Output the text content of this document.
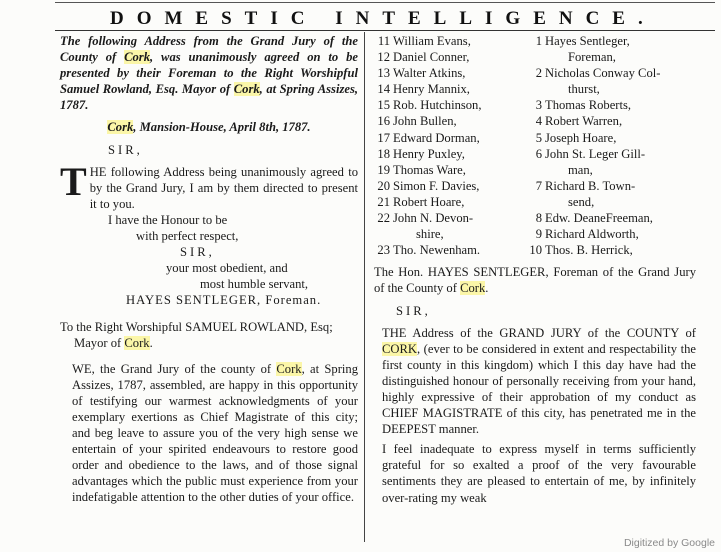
DOMESTIC INTELLIGENCE.

The following Address from the Grand Jury of the County of Cork, was unanimously agreed on to be presented by their Foreman to the Right Worshipful Samuel Rowland, Esq. Mayor of Cork, at Spring Assizes, 1787.

Cork, Mansion-House, April 8th, 1787.

SIR,

THE following Address being unanimously agreed to by the Grand Jury, I am by them directed to present it to you.

I have the Honour to be

with perfect respect,

SIR,

your most obedient, and

most humble servant,

HAYES SENTLEGER, Foreman.

To the Right Worshipful SAMUEL ROWLAND, Esq; Mayor of Cork.

WE, the Grand Jury of the county of Cork, at Spring Assizes, 1787, assembled, are happy in this opportunity of testifying our warmest acknowledgments of your exemplary exertions as Chief Magistrate of this city; and beg leave to assure you of the very high sense we entertain of your spirited endeavours to restore good order and obedience to the laws, and of those signal advantages which the public must experience from your indefatigable attention to the other duties of your office.

11 William Evans,
12 Daniel Conner,
13 Walter Atkins,
14 Henry Mannix,
15 Rob. Hutchinson,
16 John Bullen,
17 Edward Dorman,
18 Henry Puxley,
19 Thomas Ware,
20 Simon F. Davies,
21 Robert Hoare,
22 John N. Devon-
shire,
23 Tho. Newenham.
1 Hayes Sentleger,
Foreman,
2 Nicholas Conway Col-
thurst,
3 Thomas Roberts,
4 Robert Warren,
5 Joseph Hoare,
6 John St. Leger Gill-
man,
7 Richard B. Town-
send,
8 Edw. DeaneFreeman,
9 Richard Aldworth,
10 Thos. B. Herrick,

The Hon. HAYES SENTLEGER, Foreman of the Grand Jury of the County of Cork.

SIR,

THE Address of the GRAND JURY of the COUNTY of CORK, (ever to be considered in extent and respectability the first county in this kingdom) which I this day have had the distinguished honour of personally receiving from your hand, highly expressive of their approbation of my conduct as CHIEF MAGISTRATE of this city, has penetrated me in the DEEPEST manner.

I feel inadequate to express myself in terms sufficiently grateful for so exalted a proof of the very favourable sentiments they are pleased to entertain of me, by infinitely over-rating my weak

Digitized by Google
